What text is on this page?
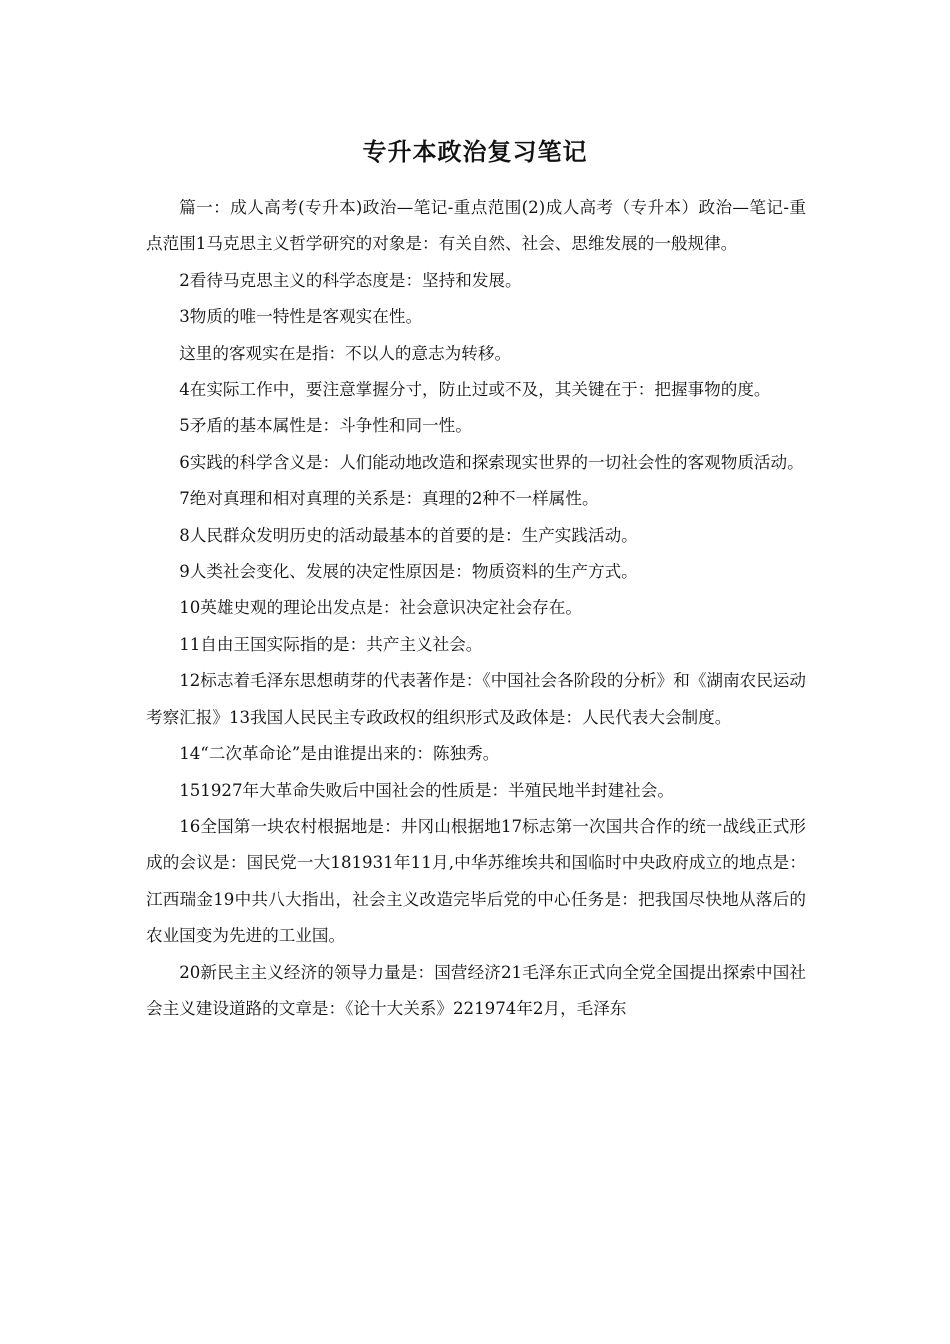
专升本政治复习笔记

篇一：成人高考(专升本)政治—笔记-重点范围(2)成人高考（专升本）政治—笔记-重点范围1马克思主义哲学研究的对象是：有关自然、社会、思维发展的一般规律。

2看待马克思主义的科学态度是：坚持和发展。

3物质的唯一特性是客观实在性。

这里的客观实在是指：不以人的意志为转移。

4在实际工作中，要注意掌握分寸，防止过或不及，其关键在于：把握事物的度。

5矛盾的基本属性是：斗争性和同一性。

6实践的科学含义是：人们能动地改造和探索现实世界的一切社会性的客观物质活动。

7绝对真理和相对真理的关系是：真理的2种不一样属性。

8人民群众发明历史的活动最基本的首要的是：生产实践活动。

9人类社会变化、发展的决定性原因是：物质资料的生产方式。

10英雄史观的理论出发点是：社会意识决定社会存在。

11自由王国实际指的是：共产主义社会。

12标志着毛泽东思想萌芽的代表著作是：《中国社会各阶段的分析》和《湖南农民运动考察汇报》13我国人民民主专政政权的组织形式及政体是：人民代表大会制度。

14“二次革命论”是由谁提出来的：陈独秀。

151927年大革命失败后中国社会的性质是：半殖民地半封建社会。

16全国第一块农村根据地是：井冈山根据地17标志第一次国共合作的统一战线正式形成的会议是：国民党一大181931年11月,中华苏维埃共和国临时中央政府成立的地点是：江西瑞金19中共八大指出，社会主义改造完毕后党的中心任务是：把我国尽快地从落后的农业国变为先进的工业国。

20新民主主义经济的领导力量是：国营经济21毛泽东正式向全党全国提出探索中国社会主义建设道路的文章是：《论十大关系》221974年2月，毛泽东
